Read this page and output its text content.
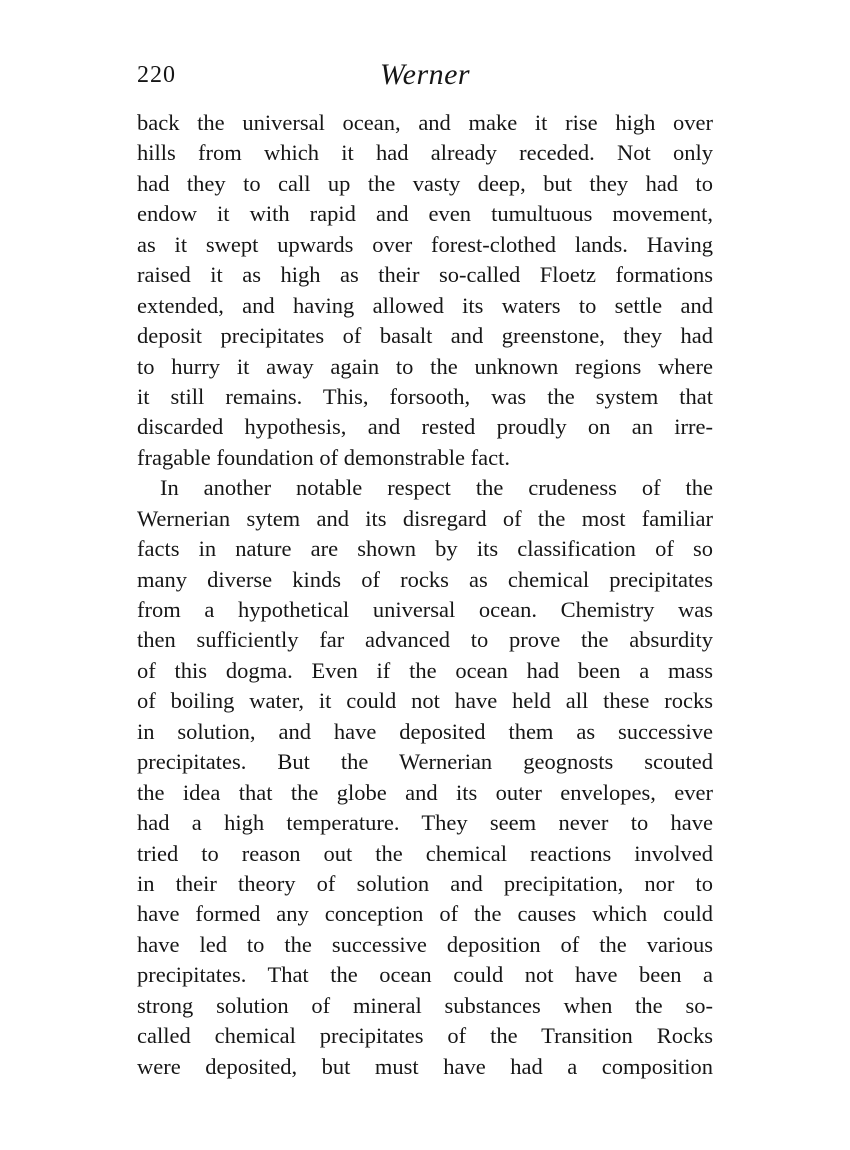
220	Werner
back the universal ocean, and make it rise high over
hills from which it had already receded. Not only
had they to call up the vasty deep, but they had to
endow it with rapid and even tumultuous movement,
as it swept upwards over forest-clothed lands. Having
raised it as high as their so-called Floetz formations
extended, and having allowed its waters to settle and
deposit precipitates of basalt and greenstone, they had
to hurry it away again to the unknown regions where
it still remains. This, forsooth, was the system that
discarded hypothesis, and rested proudly on an irre-
fragable foundation of demonstrable fact.
In another notable respect the crudeness of the
Wernerian sytem and its disregard of the most familiar
facts in nature are shown by its classification of so
many diverse kinds of rocks as chemical precipitates
from a hypothetical universal ocean. Chemistry was
then sufficiently far advanced to prove the absurdity
of this dogma. Even if the ocean had been a mass
of boiling water, it could not have held all these rocks
in solution, and have deposited them as successive
precipitates. But the Wernerian geognosts scouted
the idea that the globe and its outer envelopes, ever
had a high temperature. They seem never to have
tried to reason out the chemical reactions involved
in their theory of solution and precipitation, nor to
have formed any conception of the causes which could
have led to the successive deposition of the various
precipitates. That the ocean could not have been a
strong solution of mineral substances when the so-
called chemical precipitates of the Transition Rocks
were deposited, but must have had a composition
